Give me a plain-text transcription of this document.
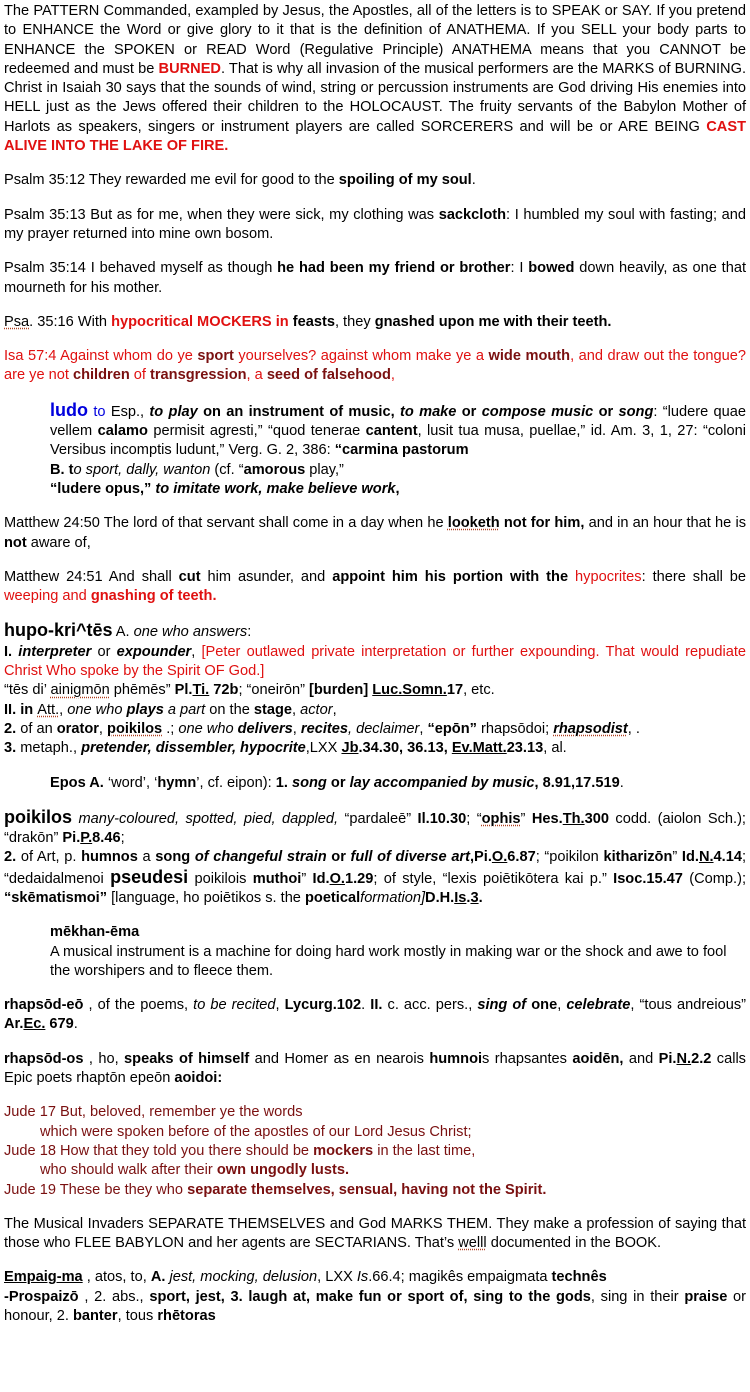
The PATTERN Commanded, exampled by Jesus, the Apostles, all of the letters is to SPEAK or SAY. If you pretend to ENHANCE the Word or give glory to it that is the definition of ANATHEMA. If you SELL your body parts to ENHANCE the SPOKEN or READ Word (Regulative Principle) ANATHEMA means that you CANNOT be redeemed and must be BURNED. That is why all invasion of the musical performers are the MARKS of BURNING. Christ in Isaiah 30 says that the sounds of wind, string or percussion instruments are God driving His enemies into HELL just as the Jews offered their children to the HOLOCAUST. The fruity servants of the Babylon Mother of Harlots as speakers, singers or instrument players are called SORCERERS and will be or ARE BEING CAST ALIVE INTO THE LAKE OF FIRE.

Psalm 35:12 They rewarded me evil for good to the spoiling of my soul.

Psalm 35:13 But as for me, when they were sick, my clothing was sackcloth: I humbled my soul with fasting; and my prayer returned into mine own bosom.

Psalm 35:14 I behaved myself as though he had been my friend or brother: I bowed down heavily, as one that mourneth for his mother.

Psa. 35:16 With hypocritical MOCKERS in feasts, they gnashed upon me with their teeth.

Isa 57:4 Against whom do ye sport yourselves? against whom make ye a wide mouth, and draw out the tongue? are ye not children of transgression, a seed of falsehood,

ludo to Esp., to play on an instrument of music, to make or compose music or song: “ludere quae vellem calamo permisit agresti,” “quod tenerae cantent, lusit tua musa, puellae,” id. Am. 3, 1, 27: “coloni Versibus incomptis ludunt,” Verg. G. 2, 386: “carmina pastorum
B. to sport, dally, wanton (cf. “amorous play,”
“ludere opus,” to imitate work, make believe work,

Matthew 24:50 The lord of that servant shall come in a day when he looketh not for him, and in an hour that he is not aware of,

Matthew 24:51 And shall cut him asunder, and appoint him his portion with the hypocrites: there shall be weeping and gnashing of teeth.

hupo-kri^tēs A. one who answers:
I. interpreter or expounder, [Peter outlawed private interpretation or further expounding. That would repudiate Christ Who spoke by the Spirit OF God.]
“tēs di’ ainigmōn phēmēs” Pl.Ti. 72b; “oneirōn” [burden] Luc.Somn.17, etc.
II. in Att., one who plays a part on the stage, actor,
2. of an orator, poikilos .; one who delivers, recites, declaimer, “epōn” rhapsōdoi; rhapsodist, .
3. metaph., pretender, dissembler, hypocrite,LXX Jb.34.30, 36.13, Ev.Matt.23.13, al.

Epos A. ‘word’, ‘hymn’, cf. eipon): 1. song or lay accompanied by music, 8.91,17.519.

poikilos many-coloured, spotted, pied, dappled, “pardaleē” Il.10.30; “ophis” Hes.Th.300 codd. (aiolon Sch.); “drakōn” Pi.P.8.46;
2. of Art, p. humnos a song of changeful strain or full of diverse art,Pi.O.6.87; “poikilon kitharizōn” Id.N.4.14; “dedaidalmenoi pseudesi poikilois muthoi” Id.O.1.29; of style, “lexis poiētikōtera kai p.” Isoc.15.47 (Comp.); “skēmatismoi” [language, ho poiētikos s. the poeticalformation]D.H.Is.3.
mēkhan-ēma
A musical instrument is a machine for doing hard work mostly in making war or the shock and awe to fool the worshipers and to fleece them.

rhapsōd-eō , of the poems, to be recited, Lycurg.102. II. c. acc. pers., sing of one, celebrate, “tous andreious” Ar.Ec. 679.

rhapsōd-os , ho, speaks of himself and Homer as en nearois humnois rhapsantes aoidēn, and Pi.N.2.2 calls Epic poets rhaptōn epeōn aoidoi:

Jude 17 But, beloved, remember ye the words
which were spoken before of the apostles of our Lord Jesus Christ;
Jude 18 How that they told you there should be mockers in the last time,
who should walk after their own ungodly lusts.
Jude 19 These be they who separate themselves, sensual, having not the Spirit.

The Musical Invaders SEPARATE THEMSELVES and God MARKS THEM. They make a profession of saying that those who FLEE BABYLON and her agents are SECTARIANS. That’s welll documented in the BOOK.

Empaig-ma , atos, to, A. jest, mocking, delusion, LXX Is.66.4; magikês empaigmata technês
-Prospaizō , 2. abs., sport, jest, 3. laugh at, make fun or sport of, sing to the gods, sing in their praise or honour, 2. banter, tous rhētoras
